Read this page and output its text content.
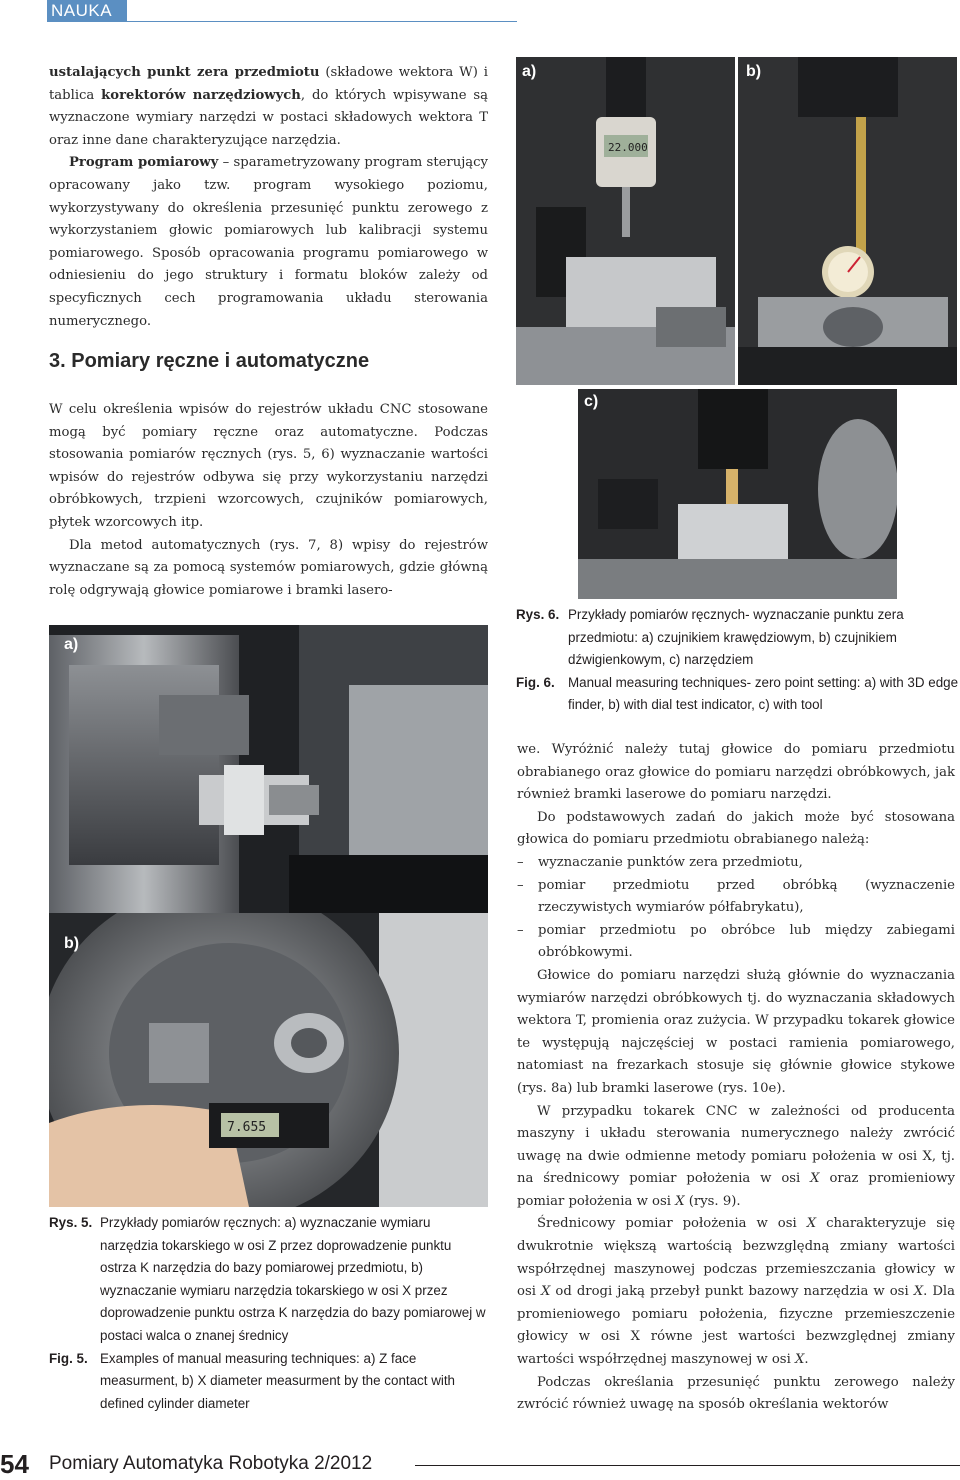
NAUKA

ustalających punkt zera przedmiotu (składowe wektora W) i tablica korektorów narzędziowych, do których wpisywane są wyznaczone wymiary narzędzi w postaci składowych wektora T oraz inne dane charakteryzujące narzędzia.

Program pomiarowy – sparametryzowany program sterujący opracowany jako tzw. program wysokiego poziomu, wykorzystywany do określenia przesunięć punktu zerowego z wykorzystaniem głowic pomiarowych lub kalibracji systemu pomiarowego. Sposób opracowania programu pomiarowego w odniesieniu do jego struktury i formatu bloków zależy od specyficznych cech programowania układu sterowania numerycznego.

3. Pomiary ręczne i automatyczne

W celu określenia wpisów do rejestrów układu CNC stosowane mogą być pomiary ręczne oraz automatyczne. Podczas stosowania pomiarów ręcznych (rys. 5, 6) wyznaczanie wartości wpisów do rejestrów odbywa się przy wykorzystaniu narzędzi obróbkowych, trzpieni wzorcowych, czujników pomiarowych, płytek wzorcowych itp.

Dla metod automatycznych (rys. 7, 8) wpisy do rejestrów wyznaczane są za pomocą systemów pomiarowych, gdzie główną rolę odgrywają głowice pomiarowe i bramki lasero-

a)
7.655
b)
Rys. 5. Przykłady pomiarów ręcznych: a) wyznaczanie wymiaru narzędzia tokarskiego w osi Z przez doprowadzenie punktu ostrza K narzędzia do bazy pomiarowej przedmiotu, b) wyznaczanie wymiaru narzędzia tokarskiego w osi X przez doprowadzenie punktu ostrza K narzędzia do bazy pomiarowej w postaci walca o znanej średnicy
Fig. 5. Examples of manual measuring techniques: a) Z face measurment, b) X diameter measurment by the contact with defined cylinder diameter
22.000
a)	b)
c)
Rys. 6. Przykłady pomiarów ręcznych- wyznaczanie punktu zera przedmiotu: a) czujnikiem krawędziowym, b) czujnikiem dźwigienkowym, c) narzędziem
Fig. 6. Manual measuring techniques- zero point setting: a) with 3D edge finder, b) with dial test indicator, c) with tool

we. Wyróżnić należy tutaj głowice do pomiaru przedmiotu obrabianego oraz głowice do pomiaru narzędzi obróbkowych, jak również bramki laserowe do pomiaru narzędzi.

Do podstawowych zadań do jakich może być stosowana głowica do pomiaru przedmiotu obrabianego należą:

– wyznaczanie punktów zera przedmiotu,

– pomiar przedmiotu przed obróbką (wyznaczenie rzeczywistych wymiarów półfabrykatu),

– pomiar przedmiotu po obróbce lub między zabiegami obróbkowymi.

Głowice do pomiaru narzędzi służą głównie do wyznaczania wymiarów narzędzi obróbkowych tj. do wyznaczania składowych wektora T, promienia oraz zużycia. W przypadku tokarek głowice te występują najczęściej w postaci ramienia pomiarowego, natomiast na frezarkach stosuje się głównie głowice stykowe (rys. 8a) lub bramki laserowe (rys. 10e).

W przypadku tokarek CNC w zależności od producenta maszyny i układu sterowania numerycznego należy zwrócić uwagę na dwie odmienne metody pomiaru położenia w osi X, tj. na średnicowy pomiar położenia w osi X oraz promieniowy pomiar położenia w osi X (rys. 9).

Średnicowy pomiar położenia w osi X charakteryzuje się dwukrotnie większą wartością bezwzględną zmiany wartości współrzędnej maszynowej podczas przemieszczania głowicy w osi X od drogi jaką przebył punkt bazowy narzędzia w osi X. Dla promieniowego pomiaru położenia, fizyczne przemieszczenie głowicy w osi X równe jest wartości bezwzględnej zmiany wartości współrzędnej maszynowej w osi X.

Podczas określania przesunięć punktu zerowego należy zwrócić również uwagę na sposób określania wektorów

54 Pomiary Automatyka Robotyka 2/2012
